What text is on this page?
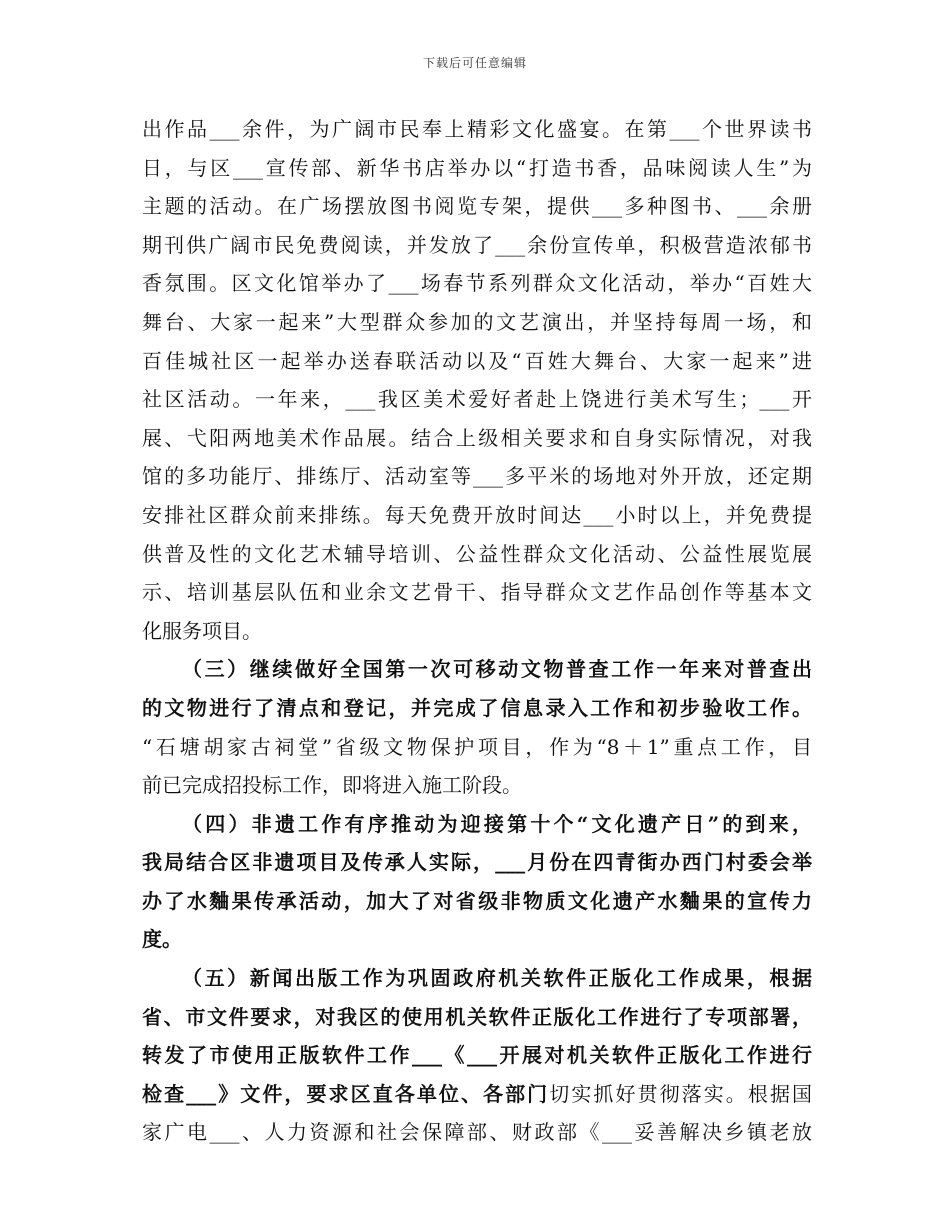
下载后可任意编辑
出作品___余件，为广阔市民奉上精彩文化盛宴。在第___个世界读书
日，与区___宣传部、新华书店举办以“打造书香，品味阅读人生”为
主题的活动。在广场摆放图书阅览专架，提供___多种图书、___余册
期刊供广阔市民免费阅读，并发放了___余份宣传单，积极营造浓郁书
香氛围。区文化馆举办了___场春节系列群众文化活动，举办“百姓大
舞台、大家一起来”大型群众参加的文艺演出，并坚持每周一场，和
百佳城社区一起举办送春联活动以及“百姓大舞台、大家一起来”进
社区活动。一年来，___我区美术爱好者赴上饶进行美术写生；___开
展、弋阳两地美术作品展。结合上级相关要求和自身实际情况，对我
馆的多功能厅、排练厅、活动室等___多平米的场地对外开放，还定期
安排社区群众前来排练。每天免费开放时间达___小时以上，并免费提
供普及性的文化艺术辅导培训、公益性群众文化活动、公益性展览展
示、培训基层队伍和业余文艺骨干、指导群众文艺作品创作等基本文
化服务项目。
（三）继续做好全国第一次可移动文物普查工作一年来对普查出
的文物进行了清点和登记，并完成了信息录入工作和初步验收工作。
“石塘胡家古祠堂”省级文物保护项目，作为“8＋1”重点工作，目
前已完成招投标工作，即将进入施工阶段。
（四）非遗工作有序推动为迎接第十个“文化遗产日”的到来，
我局结合区非遗项目及传承人实际，___月份在四青街办西门村委会举
办了水麯果传承活动，加大了对省级非物质文化遗产水麯果的宣传力
度。
（五）新闻出版工作为巩固政府机关软件正版化工作成果，根据
省、市文件要求，对我区的使用机关软件正版化工作进行了专项部署，
转发了市使用正版软件工作___《___开展对机关软件正版化工作进行
检查___》文件，要求区直各单位、各部门切实抓好贯彻落实。根据国
家广电___、人力资源和社会保障部、财政部《___妥善解决乡镇老放
